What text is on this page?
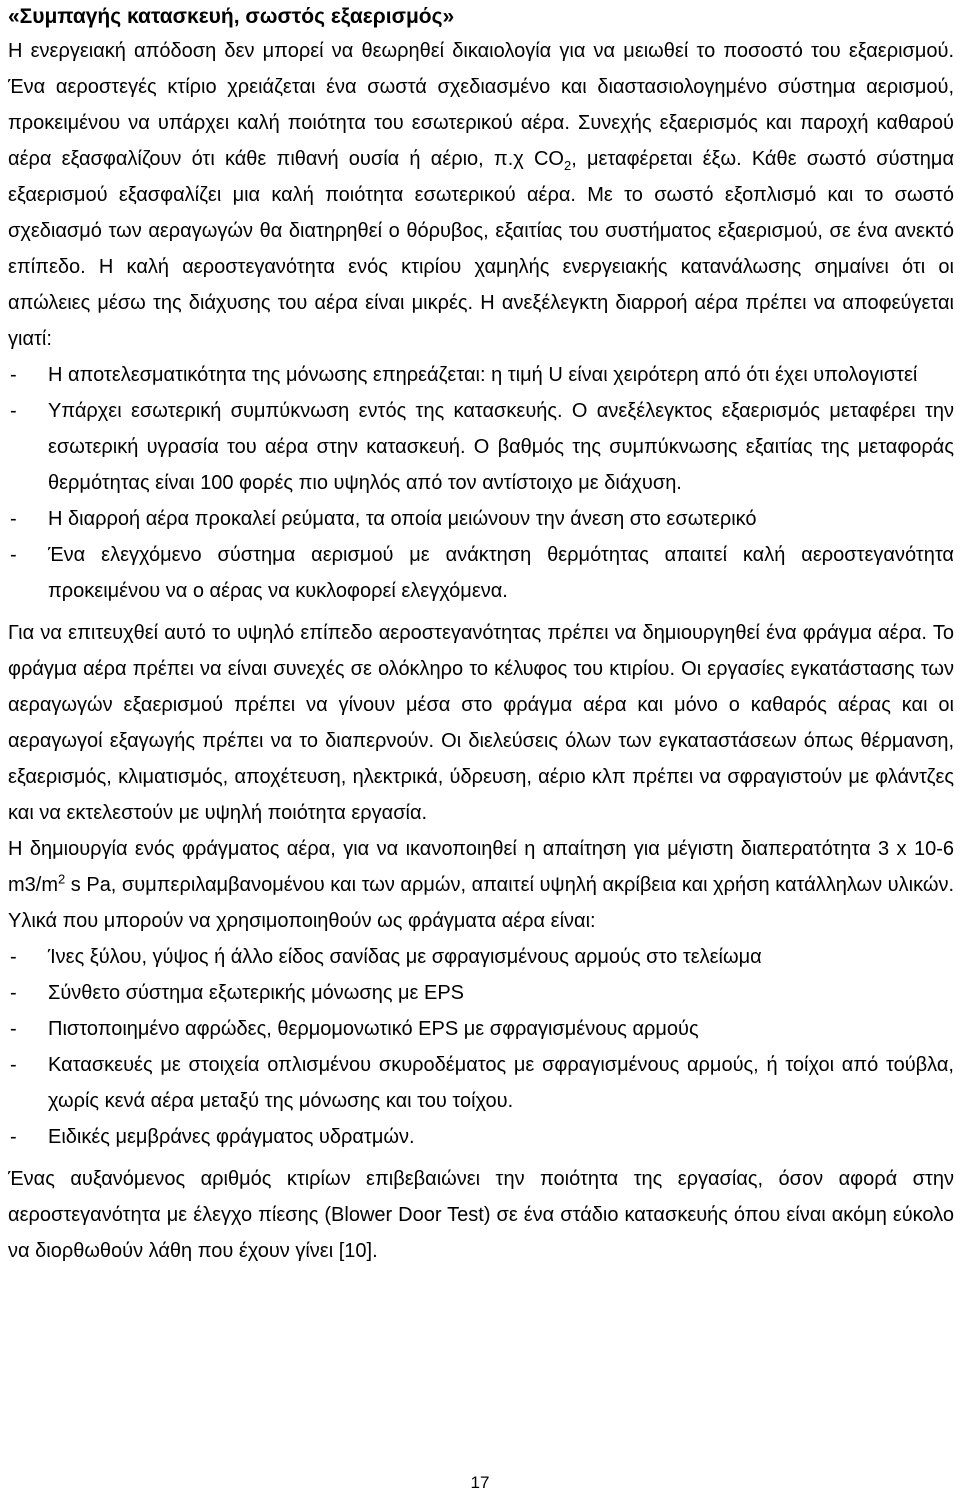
«Συμπαγής κατασκευή, σωστός εξαερισμός»

Η ενεργειακή απόδοση δεν μπορεί να θεωρηθεί δικαιολογία για να μειωθεί το ποσοστό του εξαερισμού. Ένα αεροστεγές κτίριο χρειάζεται ένα σωστά σχεδιασμένο και διαστασιολογημένο σύστημα αερισμού, προκειμένου να υπάρχει καλή ποιότητα του εσωτερικού αέρα. Συνεχής εξαερισμός και παροχή καθαρού αέρα εξασφαλίζουν ότι κάθε πιθανή ουσία ή αέριο, π.χ $CO_2$, μεταφέρεται έξω. Κάθε σωστό σύστημα εξαερισμού εξασφαλίζει μια καλή ποιότητα εσωτερικού αέρα. Με το σωστό εξοπλισμό και το σωστό σχεδιασμό των αεραγωγών θα διατηρηθεί ο θόρυβος, εξαιτίας του συστήματος εξαερισμού, σε ένα ανεκτό επίπεδο. Η καλή αεροστεγανότητα ενός κτιρίου χαμηλής ενεργειακής κατανάλωσης σημαίνει ότι οι απώλειες μέσω της διάχυσης του αέρα είναι μικρές. Η ανεξέλεγκτη διαρροή αέρα πρέπει να αποφεύγεται γιατί:

- Η αποτελεσματικότητα της μόνωσης επηρεάζεται: η τιμή U είναι χειρότερη από ότι έχει υπολογιστεί
- Υπάρχει εσωτερική συμπύκνωση εντός της κατασκευής. Ο ανεξέλεγκτος εξαερισμός μεταφέρει την εσωτερική υγρασία του αέρα στην κατασκευή. Ο βαθμός της συμπύκνωσης εξαιτίας της μεταφοράς θερμότητας είναι 100 φορές πιο υψηλός από τον αντίστοιχο με διάχυση.
- Η διαρροή αέρα προκαλεί ρεύματα, τα οποία μειώνουν την άνεση στο εσωτερικό
- Ένα ελεγχόμενο σύστημα αερισμού με ανάκτηση θερμότητας απαιτεί καλή αεροστεγανότητα προκειμένου να ο αέρας να κυκλοφορεί ελεγχόμενα.

Για να επιτευχθεί αυτό το υψηλό επίπεδο αεροστεγανότητας πρέπει να δημιουργηθεί ένα φράγμα αέρα. Το φράγμα αέρα πρέπει να είναι συνεχές σε ολόκληρο το κέλυφος του κτιρίου. Οι εργασίες εγκατάστασης των αεραγωγών εξαερισμού πρέπει να γίνουν μέσα στο φράγμα αέρα και μόνο ο καθαρός αέρας και οι αεραγωγοί εξαγωγής πρέπει να το διαπερνούν. Οι διελεύσεις όλων των εγκαταστάσεων όπως θέρμανση, εξαερισμός, κλιματισμός, αποχέτευση, ηλεκτρικά, ύδρευση, αέριο κλπ πρέπει να σφραγιστούν με φλάντζες και να εκτελεστούν με υψηλή ποιότητα εργασία.

Η δημιουργία ενός φράγματος αέρα, για να ικανοποιηθεί η απαίτηση για μέγιστη διαπερατότητα 3 x 10-6 $m3/m^2$ s Pa, συμπεριλαμβανομένου και των αρμών, απαιτεί υψηλή ακρίβεια και χρήση κατάλληλων υλικών. Υλικά που μπορούν να χρησιμοποιηθούν ως φράγματα αέρα είναι:

- Ίνες ξύλου, γύψος ή άλλο είδος σανίδας με σφραγισμένους αρμούς στο τελείωμα
- Σύνθετο σύστημα εξωτερικής μόνωσης με EPS
- Πιστοποιημένο αφρώδες, θερμομονωτικό EPS με σφραγισμένους αρμούς
- Κατασκευές με στοιχεία οπλισμένου σκυροδέματος με σφραγισμένους αρμούς, ή τοίχοι από τούβλα, χωρίς κενά αέρα μεταξύ της μόνωσης και του τοίχου.
- Ειδικές μεμβράνες φράγματος υδρατμών.

Ένας αυξανόμενος αριθμός κτιρίων επιβεβαιώνει την ποιότητα της εργασίας, όσον αφορά στην αεροστεγανότητα με έλεγχο πίεσης (Blower Door Test) σε ένα στάδιο κατασκευής όπου είναι ακόμη εύκολο να διορθωθούν λάθη που έχουν γίνει [10].

17
